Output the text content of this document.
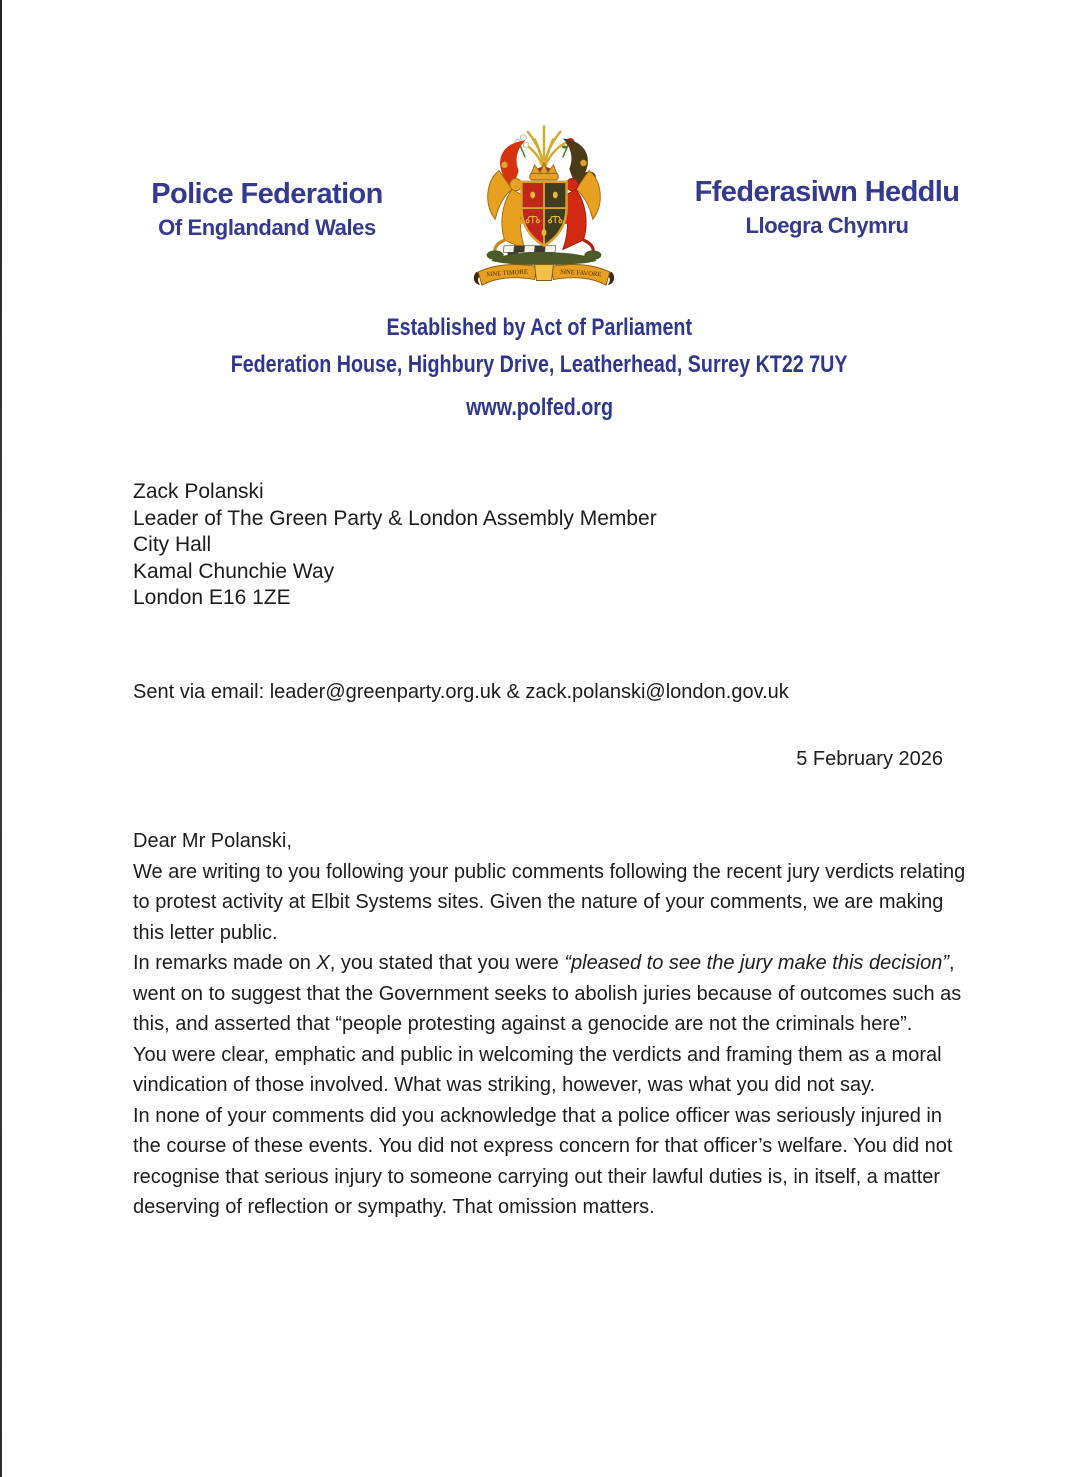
Police Federation
Of Englandand Wales
Ffederasiwn Heddlu
Lloegra Chymru
SINE TIMORE	SINE FAVORE
Established by Act of Parliament
Federation House, Highbury Drive, Leatherhead, Surrey KT22 7UY
www.polfed.org
Zack Polanski
Leader of The Green Party & London Assembly Member
City Hall
Kamal Chunchie Way
London E16 1ZE
Sent via email: leader@greenparty.org.uk & zack.polanski@london.gov.uk
5 February 2026

Dear Mr Polanski,

We are writing to you following your public comments following the recent jury verdicts relating to protest activity at Elbit Systems sites. Given the nature of your comments, we are making this letter public.

In remarks made on X, you stated that you were “pleased to see the jury make this decision”, went on to suggest that the Government seeks to abolish juries because of outcomes such as this, and asserted that “people protesting against a genocide are not the criminals here”.

You were clear, emphatic and public in welcoming the verdicts and framing them as a moral vindication of those involved. What was striking, however, was what you did not say.

In none of your comments did you acknowledge that a police officer was seriously injured in the course of these events. You did not express concern for that officer’s welfare. You did not recognise that serious injury to someone carrying out their lawful duties is, in itself, a matter deserving of reflection or sympathy. That omission matters.
